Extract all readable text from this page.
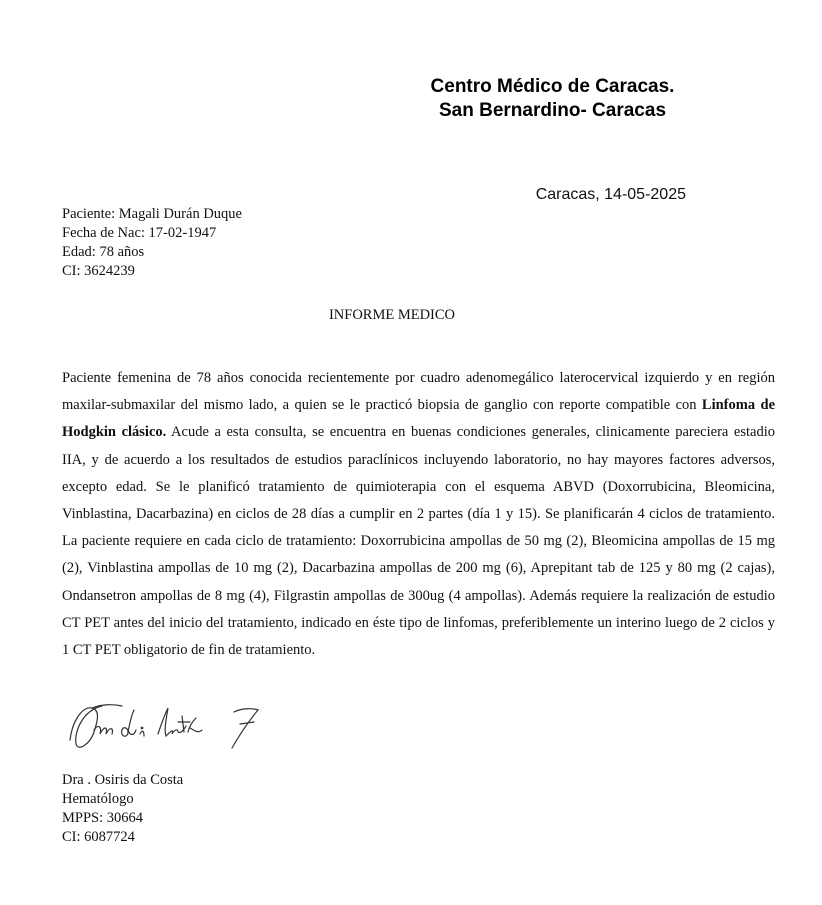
Centro Médico de Caracas.
San Bernardino- Caracas
Caracas, 14-05-2025
Paciente: Magali Durán Duque
Fecha de Nac: 17-02-1947
Edad: 78 años
CI: 3624239
INFORME MEDICO
Paciente femenina de 78 años conocida recientemente por cuadro adenomegálico laterocervical izquierdo y en región maxilar-submaxilar del mismo lado, a quien se le practicó biopsia de ganglio con reporte compatible con Linfoma de Hodgkin clásico. Acude a esta consulta, se encuentra en buenas condiciones generales, clinicamente pareciera estadio IIA, y de acuerdo a los resultados de estudios paraclínicos incluyendo laboratorio, no hay mayores factores adversos, excepto edad. Se le planificó tratamiento de quimioterapia con el esquema ABVD (Doxorrubicina, Bleomicina, Vinblastina, Dacarbazina) en ciclos de 28 días a cumplir en 2 partes (día 1 y 15). Se planificarán 4 ciclos de tratamiento. La paciente requiere en cada ciclo de tratamiento: Doxorrubicina ampollas de 50 mg (2), Bleomicina ampollas de 15 mg (2), Vinblastina ampollas de 10 mg (2), Dacarbazina ampollas de 200 mg (6), Aprepitant tab de 125 y 80 mg (2 cajas), Ondansetron ampollas de 8 mg (4), Filgrastin ampollas de 300ug (4 ampollas). Además requiere la realización de estudio CT PET antes del inicio del tratamiento, indicado en éste tipo de linfomas, preferiblemente un interino luego de 2 ciclos y 1 CT PET obligatorio de fin de tratamiento.
Dra . Osiris da Costa
Hematólogo
MPPS: 30664
CI: 6087724
